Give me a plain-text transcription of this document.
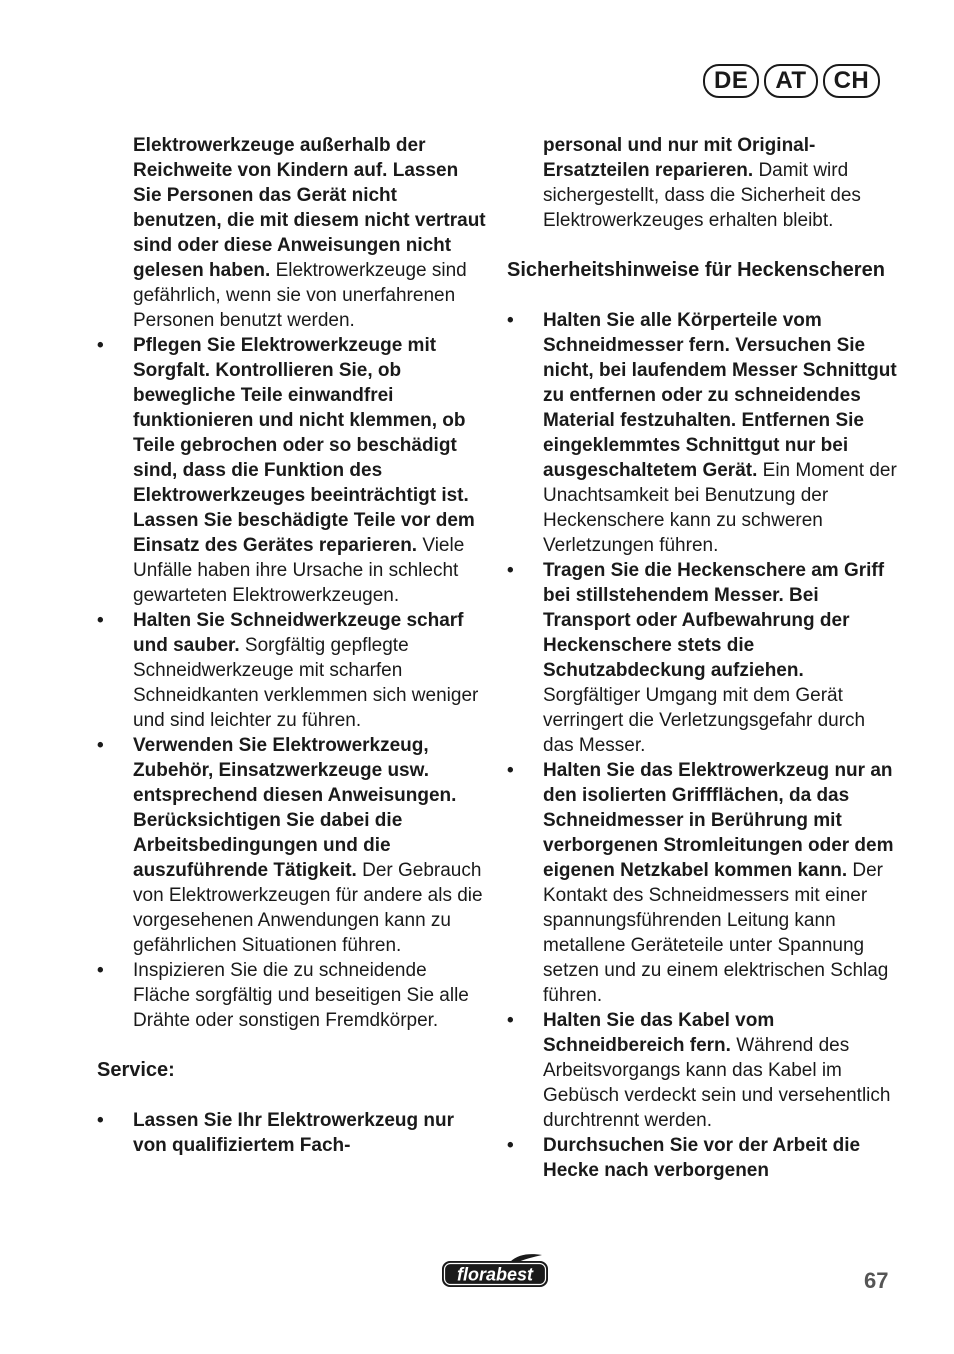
DE	AT	CH

Elektrowerkzeuge außerhalb der Reichweite von Kindern auf. Lassen Sie Personen das Gerät nicht benutzen, die mit diesem nicht vertraut sind oder diese Anweisungen nicht gelesen haben. Elektrowerkzeuge sind gefährlich, wenn sie von unerfahrenen Personen benutzt werden.

• Pflegen Sie Elektrowerkzeuge mit Sorgfalt. Kontrollieren Sie, ob bewegliche Teile einwandfrei funktionieren und nicht klemmen, ob Teile gebrochen oder so beschädigt sind, dass die Funktion des Elektrowerkzeuges beeinträchtigt ist. Lassen Sie beschädigte Teile vor dem Einsatz des Gerätes reparieren. Viele Unfälle haben ihre Ursache in schlecht gewarteten Elektrowerkzeugen.
• Halten Sie Schneidwerkzeuge scharf und sauber. Sorgfältig gepflegte Schneidwerkzeuge mit scharfen Schneidkanten verklemmen sich weniger und sind leichter zu führen.
• Verwenden Sie Elektrowerkzeug, Zubehör, Einsatzwerkzeuge usw. entsprechend diesen Anweisungen. Berücksichtigen Sie dabei die Arbeitsbedingungen und die auszuführende Tätigkeit. Der Gebrauch von Elektrowerkzeugen für andere als die vorgesehenen Anwendungen kann zu gefährlichen Situationen führen.
• Inspizieren Sie die zu schneidende Fläche sorgfältig und beseitigen Sie alle Drähte oder sonstigen Fremdkörper.

Service:

• Lassen Sie Ihr Elektrowerkzeug nur von qualifiziertem Fach-

personal und nur mit Original-Ersatzteilen reparieren. Damit wird sichergestellt, dass die Sicherheit des Elektrowerkzeuges erhalten bleibt.

Sicherheitshinweise für Heckenscheren

• Halten Sie alle Körperteile vom Schneidmesser fern. Versuchen Sie nicht, bei laufendem Messer Schnittgut zu entfernen oder zu schneidendes Material festzuhalten. Entfernen Sie eingeklemmtes Schnittgut nur bei ausgeschaltetem Gerät. Ein Moment der Unachtsamkeit bei Benutzung der Heckenschere kann zu schweren Verletzungen führen.
• Tragen Sie die Heckenschere am Griff bei stillstehendem Messer. Bei Transport oder Aufbewahrung der Heckenschere stets die Schutzabdeckung aufziehen. Sorgfältiger Umgang mit dem Gerät verringert die Verletzungsgefahr durch das Messer.
• Halten Sie das Elektrowerkzeug nur an den isolierten Griffflächen, da das Schneidmesser in Berührung mit verborgenen Stromleitungen oder dem eigenen Netzkabel kommen kann. Der Kontakt des Schneidmessers mit einer spannungsführenden Leitung kann metallene Geräteteile unter Spannung setzen und zu einem elektrischen Schlag führen.
• Halten Sie das Kabel vom Schneidbereich fern. Während des Arbeitsvorgangs kann das Kabel im Gebüsch verdeckt sein und versehentlich durchtrennt werden.
• Durchsuchen Sie vor der Arbeit die Hecke nach verborgenen
florabest	67
